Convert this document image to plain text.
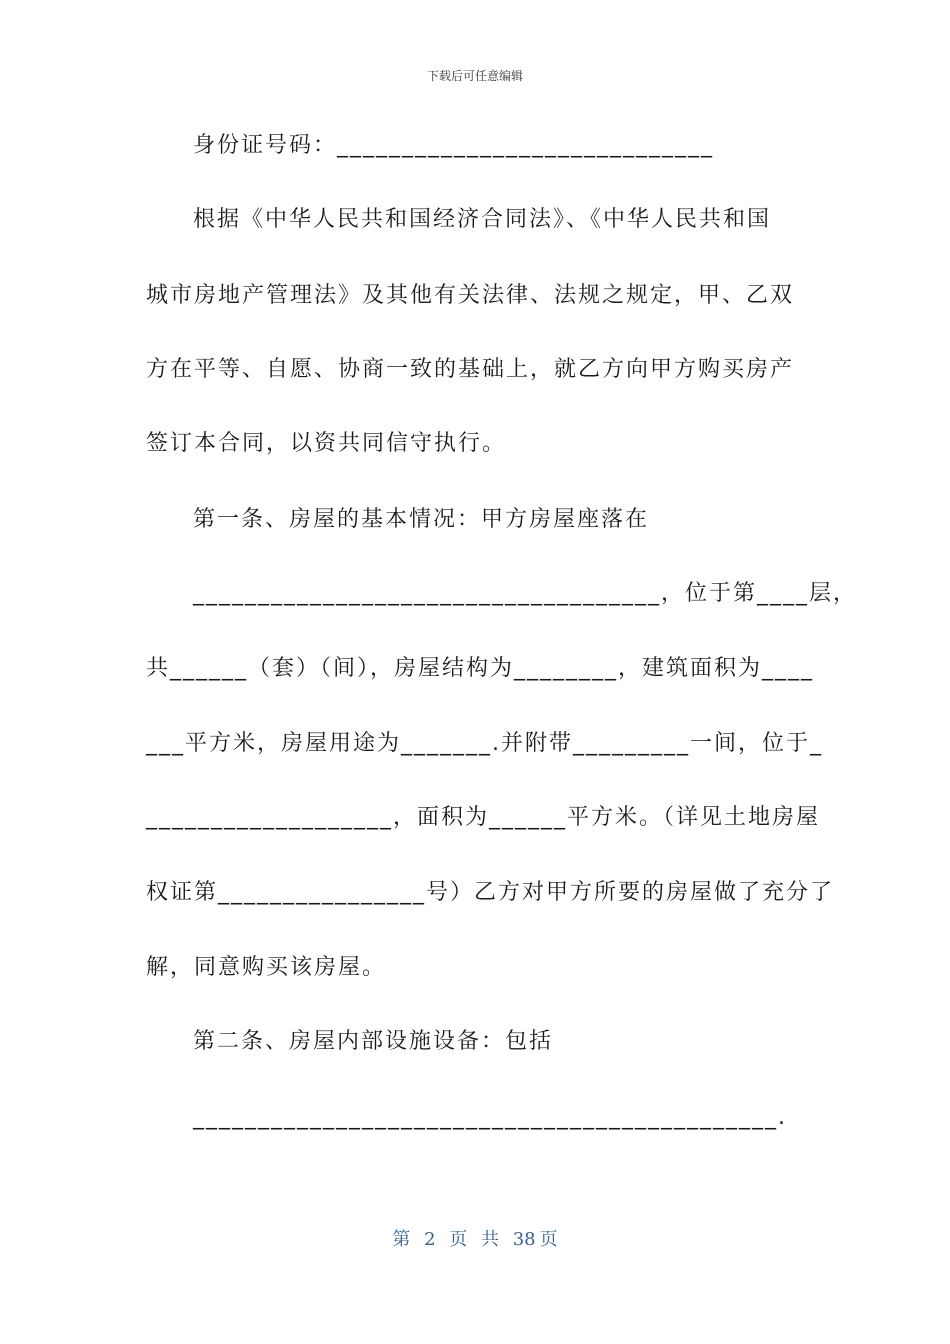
下载后可任意编辑
身份证号码：_____________________________
根据《中华人民共和国经济合同法》、《中华人民共和国
城市房地产管理法》及其他有关法律、法规之规定，甲、乙双
方在平等、自愿、协商一致的基础上，就乙方向甲方购买房产
签订本合同，以资共同信守执行。
第一条、房屋的基本情况：甲方房屋座落在
____________________________________，位于第____层，
共______（套）（间），房屋结构为________，建筑面积为____
___平方米，房屋用途为_______.并附带_________一间，位于_
___________________，面积为______平方米。（详见土地房屋
权证第________________号）乙方对甲方所要的房屋做了充分了
解，同意购买该房屋。
第二条、房屋内部设施设备：包括
_____________________________________________.
第 2 页 共 38 页
